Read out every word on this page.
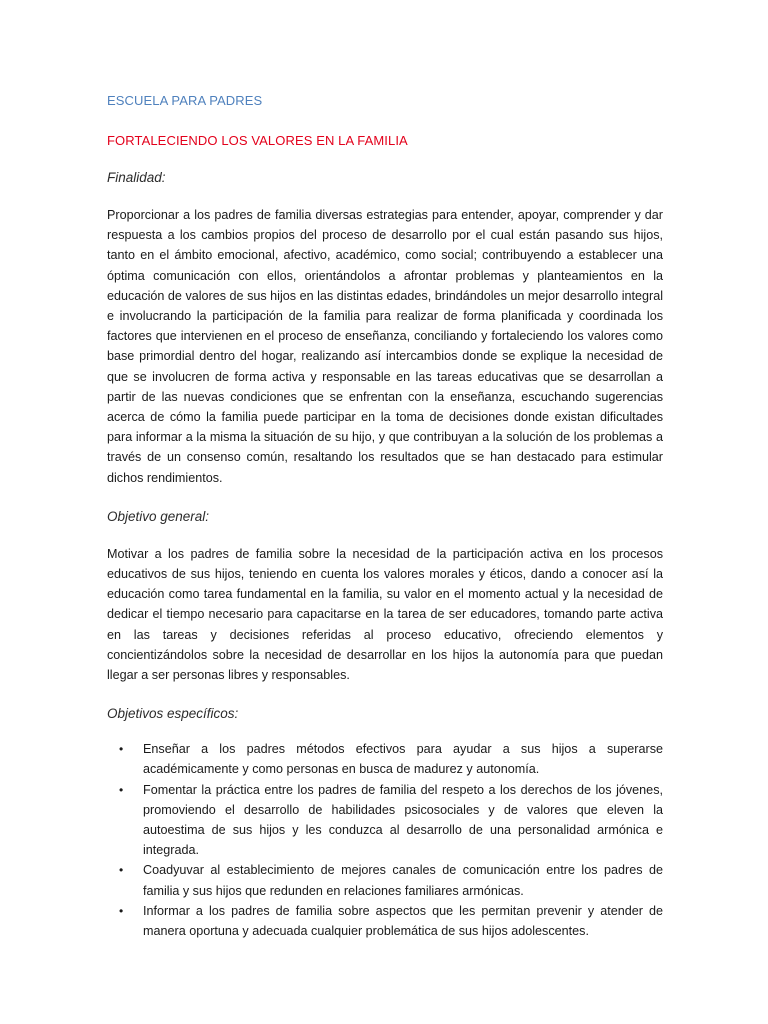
ESCUELA PARA PADRES

FORTALECIENDO LOS VALORES EN LA FAMILIA

Finalidad:

Proporcionar a los padres de familia diversas estrategias para entender, apoyar, comprender y dar respuesta a los cambios propios del proceso de desarrollo por el cual están pasando sus hijos, tanto en el ámbito emocional, afectivo, académico, como social; contribuyendo a establecer una óptima comunicación con ellos, orientándolos a afrontar problemas y planteamientos en la educación de valores de sus hijos en las distintas edades, brindándoles un mejor desarrollo integral e involucrando la participación de la familia para realizar de forma planificada y coordinada los factores que intervienen en el proceso de enseñanza, conciliando y fortaleciendo los valores como base primordial dentro del hogar, realizando así intercambios donde se explique la necesidad de que se involucren de forma activa y responsable en las tareas educativas que se desarrollan a partir de las nuevas condiciones que se enfrentan con la enseñanza, escuchando sugerencias acerca de cómo la familia puede participar en la toma de decisiones donde existan dificultades para informar a la misma la situación de su hijo, y que contribuyan a la solución de los problemas a través de un consenso común, resaltando los resultados que se han destacado para estimular dichos rendimientos.

Objetivo general:

Motivar a los padres de familia sobre la necesidad de la participación activa en los procesos educativos de sus hijos, teniendo en cuenta los valores morales y éticos, dando a conocer así la educación como tarea fundamental en la familia, su valor en el momento actual y la necesidad de dedicar el tiempo necesario para capacitarse en la tarea de ser educadores, tomando parte activa en las tareas y decisiones referidas al proceso educativo, ofreciendo elementos y concientizándolos sobre la necesidad de desarrollar en los hijos la autonomía para que puedan llegar a ser personas libres y responsables.

Objetivos específicos:

• Enseñar a los padres métodos efectivos para ayudar a sus hijos a superarse académicamente y como personas en busca de madurez y autonomía.
• Fomentar la práctica entre los padres de familia del respeto a los derechos de los jóvenes, promoviendo el desarrollo de habilidades psicosociales y de valores que eleven la autoestima de sus hijos y les conduzca al desarrollo de una personalidad armónica e integrada.
• Coadyuvar al establecimiento de mejores canales de comunicación entre los padres de familia y sus hijos que redunden en relaciones familiares armónicas.
• Informar a los padres de familia sobre aspectos que les permitan prevenir y atender de manera oportuna y adecuada cualquier problemática de sus hijos adolescentes.
